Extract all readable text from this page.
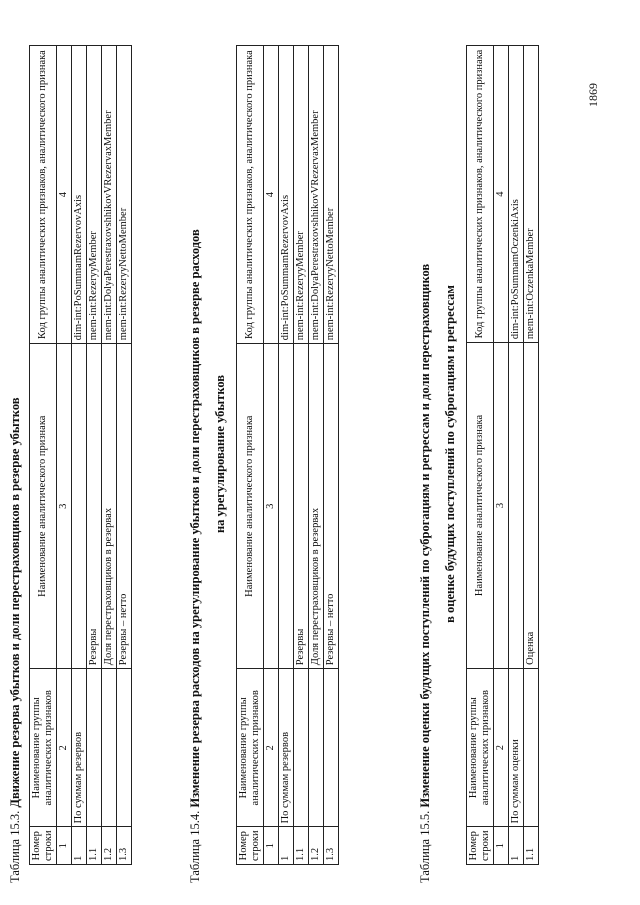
Таблица 15.3. Движение резерва убытков и доли перестраховщиков в резерве убытков

Номер строки	Наименование группы аналитических признаков	Наименование аналитического признака	Код группы аналитических признаков, аналитического признака
1	2	3	4
1	По суммам резервов		dim-int:PoSummamRezervovAxis
1.1		Резервы	mem-int:RezeryyMember
1.2		Доля перестраховщиков в резервах	mem-int:DolyaPerestraxovshhikovVRezervaxMember
1.3		Резервы – нетто	mem-int:RezeryyNettoMember

Таблица 15.4. Изменение резерва расходов на урегулирование убытков и доли перестраховщиков в резерве расходов на урегулирование убытков

Номер строки	Наименование группы аналитических признаков	Наименование аналитического признака	Код группы аналитических признаков, аналитического признака
1	2	3	4
1	По суммам резервов		dim-int:PoSummamRezervovAxis
1.1		Резервы	mem-int:RezeryyMember
1.2		Доля перестраховщиков в резервах	mem-int:DolyaPerestraxovshhikovVRezervaxMember
1.3		Резервы – нетто	mem-int:RezeryyNettoMember

Таблица 15.5. Изменение оценки будущих поступлений по суброгациям и регрессам и доли перестраховщиков в оценке будущих поступлений по суброгациям и регрессам

Номер строки	Наименование группы аналитических признаков	Наименование аналитического признака	Код группы аналитических признаков, аналитического признака
1	2	3	4
1	По суммам оценки		dim-int:PoSummamOczenkiAxis
1.1		Оценка	mem-int:OczenkaMember
1869
